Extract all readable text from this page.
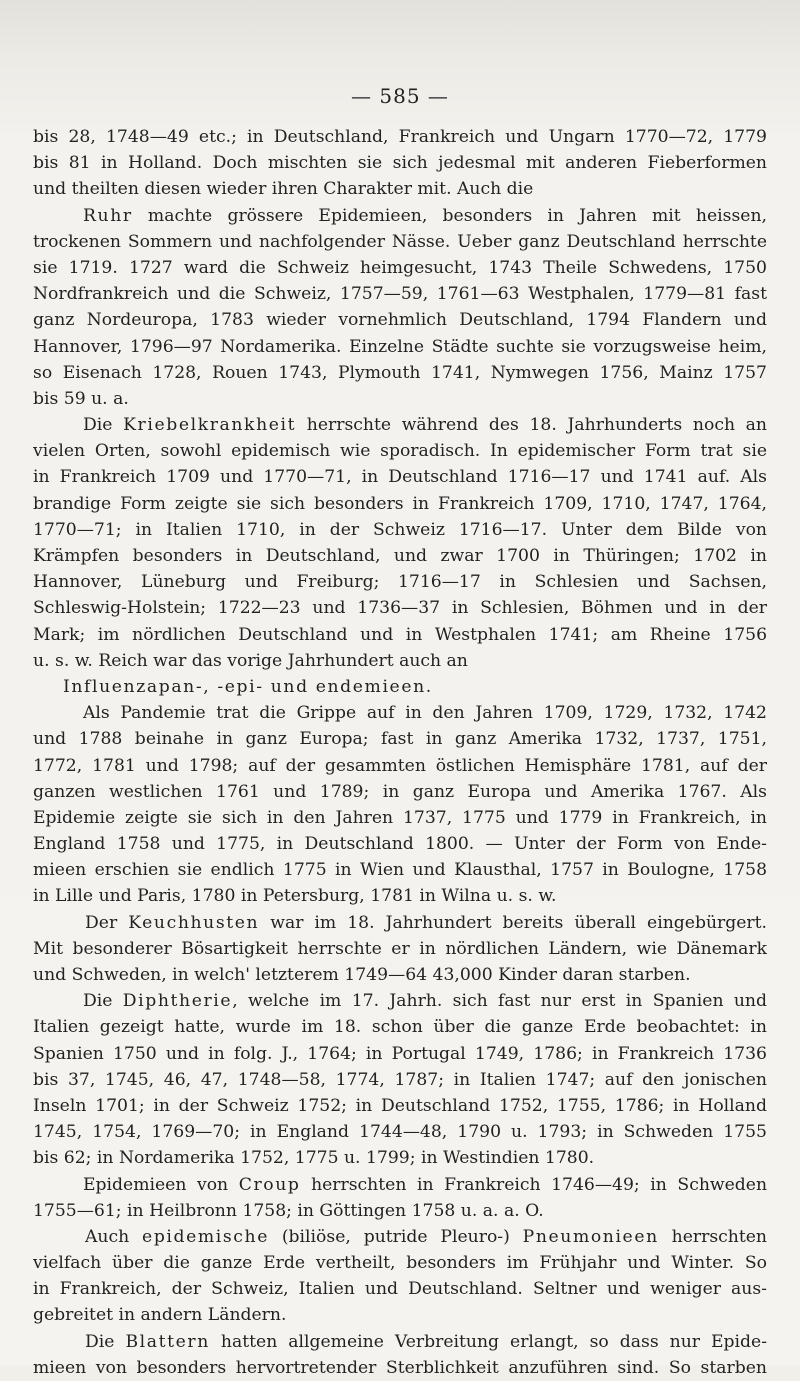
— 585 —
bis 28, 1748—49 etc.; in Deutschland, Frankreich und Ungarn 1770—72, 1779
bis 81 in Holland. Doch mischten sie sich jedesmal mit anderen Fieberformen
und theilten diesen wieder ihren Charakter mit. Auch die
Ruhr machte grössere Epidemieen, besonders in Jahren mit heissen,
trockenen Sommern und nachfolgender Nässe. Ueber ganz Deutschland herrschte
sie 1719. 1727 ward die Schweiz heimgesucht, 1743 Theile Schwedens, 1750
Nordfrankreich und die Schweiz, 1757—59, 1761—63 Westphalen, 1779—81 fast
ganz Nordeuropa, 1783 wieder vornehmlich Deutschland, 1794 Flandern und
Hannover, 1796—97 Nordamerika. Einzelne Städte suchte sie vorzugsweise heim,
so Eisenach 1728, Rouen 1743, Plymouth 1741, Nymwegen 1756, Mainz 1757
bis 59 u. a.
Die Kriebelkrankheit herrschte während des 18. Jahrhunderts noch an
vielen Orten, sowohl epidemisch wie sporadisch. In epidemischer Form trat sie
in Frankreich 1709 und 1770—71, in Deutschland 1716—17 und 1741 auf. Als
brandige Form zeigte sie sich besonders in Frankreich 1709, 1710, 1747, 1764,
1770—71; in Italien 1710, in der Schweiz 1716—17. Unter dem Bilde von
Krämpfen besonders in Deutschland, und zwar 1700 in Thüringen; 1702 in
Hannover, Lüneburg und Freiburg; 1716—17 in Schlesien und Sachsen,
Schleswig-Holstein; 1722—23 und 1736—37 in Schlesien, Böhmen und in der
Mark; im nördlichen Deutschland und in Westphalen 1741; am Rheine 1756
u. s. w. Reich war das vorige Jahrhundert auch an
Influenzapan-, -epi- und endemieen.
Als Pandemie trat die Grippe auf in den Jahren 1709, 1729, 1732, 1742
und 1788 beinahe in ganz Europa; fast in ganz Amerika 1732, 1737, 1751,
1772, 1781 und 1798; auf der gesammten östlichen Hemisphäre 1781, auf der
ganzen westlichen 1761 und 1789; in ganz Europa und Amerika 1767. Als
Epidemie zeigte sie sich in den Jahren 1737, 1775 und 1779 in Frankreich, in
England 1758 und 1775, in Deutschland 1800. — Unter der Form von Ende-
mieen erschien sie endlich 1775 in Wien und Klausthal, 1757 in Boulogne, 1758
in Lille und Paris, 1780 in Petersburg, 1781 in Wilna u. s. w.
Der Keuchhusten war im 18. Jahrhundert bereits überall eingebürgert.
Mit besonderer Bösartigkeit herrschte er in nördlichen Ländern, wie Dänemark
und Schweden, in welch' letzterem 1749—64 43,000 Kinder daran starben.
Die Diphtherie, welche im 17. Jahrh. sich fast nur erst in Spanien und
Italien gezeigt hatte, wurde im 18. schon über die ganze Erde beobachtet: in
Spanien 1750 und in folg. J., 1764; in Portugal 1749, 1786; in Frankreich 1736
bis 37, 1745, 46, 47, 1748—58, 1774, 1787; in Italien 1747; auf den jonischen
Inseln 1701; in der Schweiz 1752; in Deutschland 1752, 1755, 1786; in Holland
1745, 1754, 1769—70; in England 1744—48, 1790 u. 1793; in Schweden 1755
bis 62; in Nordamerika 1752, 1775 u. 1799; in Westindien 1780.
Epidemieen von Croup herrschten in Frankreich 1746—49; in Schweden
1755—61; in Heilbronn 1758; in Göttingen 1758 u. a. a. O.
Auch epidemische (biliöse, putride Pleuro-) Pneumonieen herrschten
vielfach über die ganze Erde vertheilt, besonders im Frühjahr und Winter. So
in Frankreich, der Schweiz, Italien und Deutschland. Seltner und weniger aus-
gebreitet in andern Ländern.
Die Blattern hatten allgemeine Verbreitung erlangt, so dass nur Epide-
mieen von besonders hervortretender Sterblichkeit anzuführen sind. So starben
